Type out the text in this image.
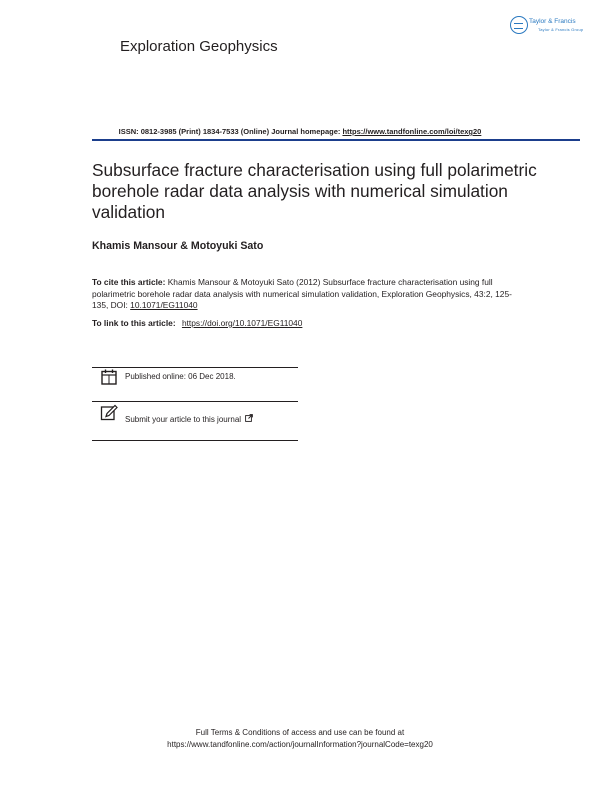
Exploration Geophysics
Taylor & Francis
Taylor & Francis Group
ISSN: 0812-3985 (Print) 1834-7533 (Online) Journal homepage: https://www.tandfonline.com/loi/texg20
Subsurface fracture characterisation using full polarimetric borehole radar data analysis with numerical simulation validation
Khamis Mansour & Motoyuki Sato
To cite this article: Khamis Mansour & Motoyuki Sato (2012) Subsurface fracture characterisation using full polarimetric borehole radar data analysis with numerical simulation validation, Exploration Geophysics, 43:2, 125-135, DOI: 10.1071/EG11040
To link to this article: https://doi.org/10.1071/EG11040
Published online: 06 Dec 2018.
Submit your article to this journal
Full Terms & Conditions of access and use can be found at
https://www.tandfonline.com/action/journalInformation?journalCode=texg20
